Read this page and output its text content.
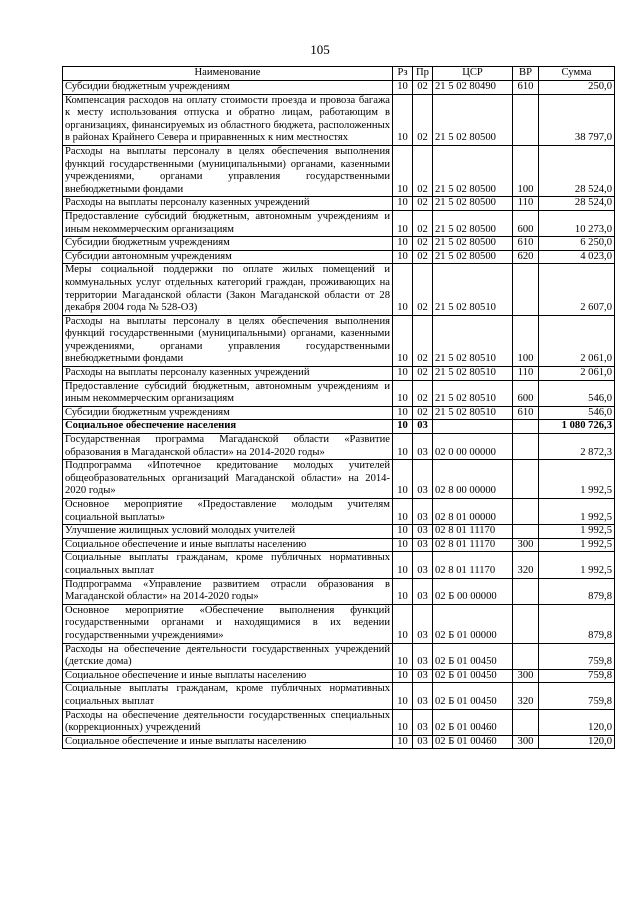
105
Наименование	Рз	Пр	ЦСР	ВР	Сумма
Субсидии бюджетным учреждениям	10	02	21 5 02 80490	610	250,0
Компенсация расходов на оплату стоимости проезда и провоза багажа к месту использования отпуска и обратно лицам, работающим в организациях, финансируемых из областного бюджета, расположенных в районах Крайнего Севера и приравненных к ним местностях	10	02	21 5 02 80500		38 797,0
Расходы на выплаты персоналу в целях обеспечения выполнения функций государственными (муниципальными) органами, казенными учреждениями, органами управления государственными внебюджетными фондами	10	02	21 5 02 80500	100	28 524,0
Расходы на выплаты персоналу казенных учреждений	10	02	21 5 02 80500	110	28 524,0
Предоставление субсидий бюджетным, автономным учреждениям и иным некоммерческим организациям	10	02	21 5 02 80500	600	10 273,0
Субсидии бюджетным учреждениям	10	02	21 5 02 80500	610	6 250,0
Субсидии автономным учреждениям	10	02	21 5 02 80500	620	4 023,0
Меры социальной поддержки по оплате жилых помещений и коммунальных услуг отдельных категорий граждан, проживающих на территории Магаданской области (Закон Магаданской области от 28 декабря 2004 года № 528-ОЗ)	10	02	21 5 02 80510		2 607,0
Расходы на выплаты персоналу в целях обеспечения выполнения функций государственными (муниципальными) органами, казенными учреждениями, органами управления государственными внебюджетными фондами	10	02	21 5 02 80510	100	2 061,0
Расходы на выплаты персоналу казенных учреждений	10	02	21 5 02 80510	110	2 061,0
Предоставление субсидий бюджетным, автономным учреждениям и иным некоммерческим организациям	10	02	21 5 02 80510	600	546,0
Субсидии бюджетным учреждениям	10	02	21 5 02 80510	610	546,0
Социальное обеспечение населения	10	03			1 080 726,3
Государственная программа Магаданской области «Развитие образования в Магаданской области» на 2014-2020 годы»	10	03	02 0 00 00000		2 872,3
Подпрограмма «Ипотечное кредитование молодых учителей общеобразовательных организаций Магаданской области» на 2014-2020 годы»	10	03	02 8 00 00000		1 992,5
Основное мероприятие «Предоставление молодым учителям социальной выплаты»	10	03	02 8 01 00000		1 992,5
Улучшение жилищных условий молодых учителей	10	03	02 8 01 11170		1 992,5
Социальное обеспечение и иные выплаты населению	10	03	02 8 01 11170	300	1 992,5
Социальные выплаты гражданам, кроме публичных нормативных социальных выплат	10	03	02 8 01 11170	320	1 992,5
Подпрограмма «Управление развитием отрасли образования в Магаданской области» на 2014-2020 годы»	10	03	02 Б 00 00000		879,8
Основное мероприятие «Обеспечение выполнения функций государственными органами и находящимися в их ведении государственными учреждениями»	10	03	02 Б 01 00000		879,8
Расходы на обеспечение деятельности государственных учреждений (детские дома)	10	03	02 Б 01 00450		759,8
Социальное обеспечение и иные выплаты населению	10	03	02 Б 01 00450	300	759,8
Социальные выплаты гражданам, кроме публичных нормативных социальных выплат	10	03	02 Б 01 00450	320	759,8
Расходы на обеспечение деятельности государственных специальных (коррекционных) учреждений	10	03	02 Б 01 00460		120,0
Социальное обеспечение и иные выплаты населению	10	03	02 Б 01 00460	300	120,0
